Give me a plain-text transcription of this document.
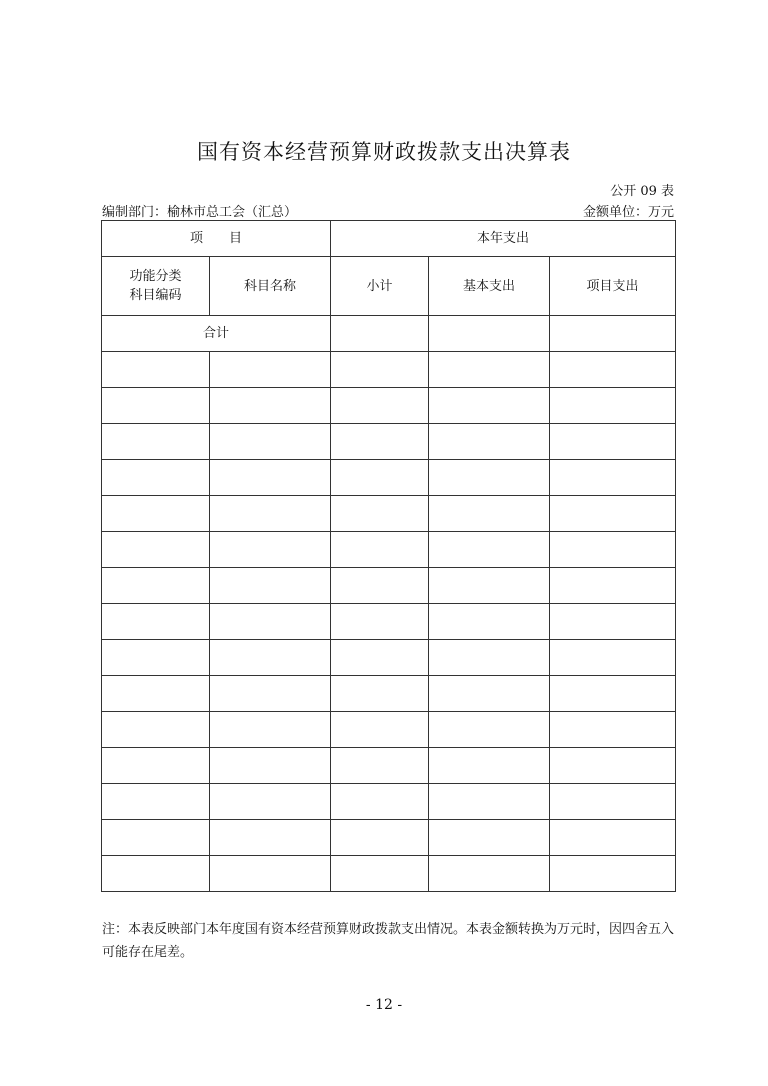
国有资本经营预算财政拨款支出决算表
公开 09 表
编制部门：榆林市总工会（汇总）	金额单位：万元
项　　目		本年支出		

功能分类
科目编码	科目名称	小计	基本支出	项目支出

合计				

注：本表反映部门本年度国有资本经营预算财政拨款支出情况。本表金额转换为万元时，因四舍五入可能存在尾差。
- 12 -
